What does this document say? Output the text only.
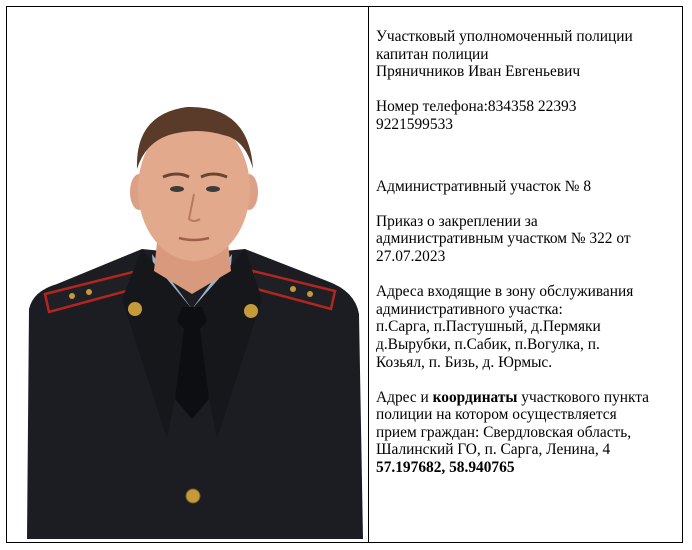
Участковый уполномоченный полиции
капитан полиции
Пряничников Иван Евгеньевич

Номер телефона:834358 22393
9221599533

Административный участок № 8

Приказ о закреплении за
административным участком № 322 от
27.07.2023

Адреса входящие в зону обслуживания
административного участка:
п.Сарга, п.Пастушный, д.Пермяки
д.Вырубки, п.Сабик, п.Вогулка, п.
Козьял, п. Бизь, д. Юрмыс.

Адрес и координаты участкового пункта
полиции на котором осуществляется
прием граждан: Свердловская область,
Шалинский ГО, п. Сарга, Ленина, 4
57.197682, 58.940765
